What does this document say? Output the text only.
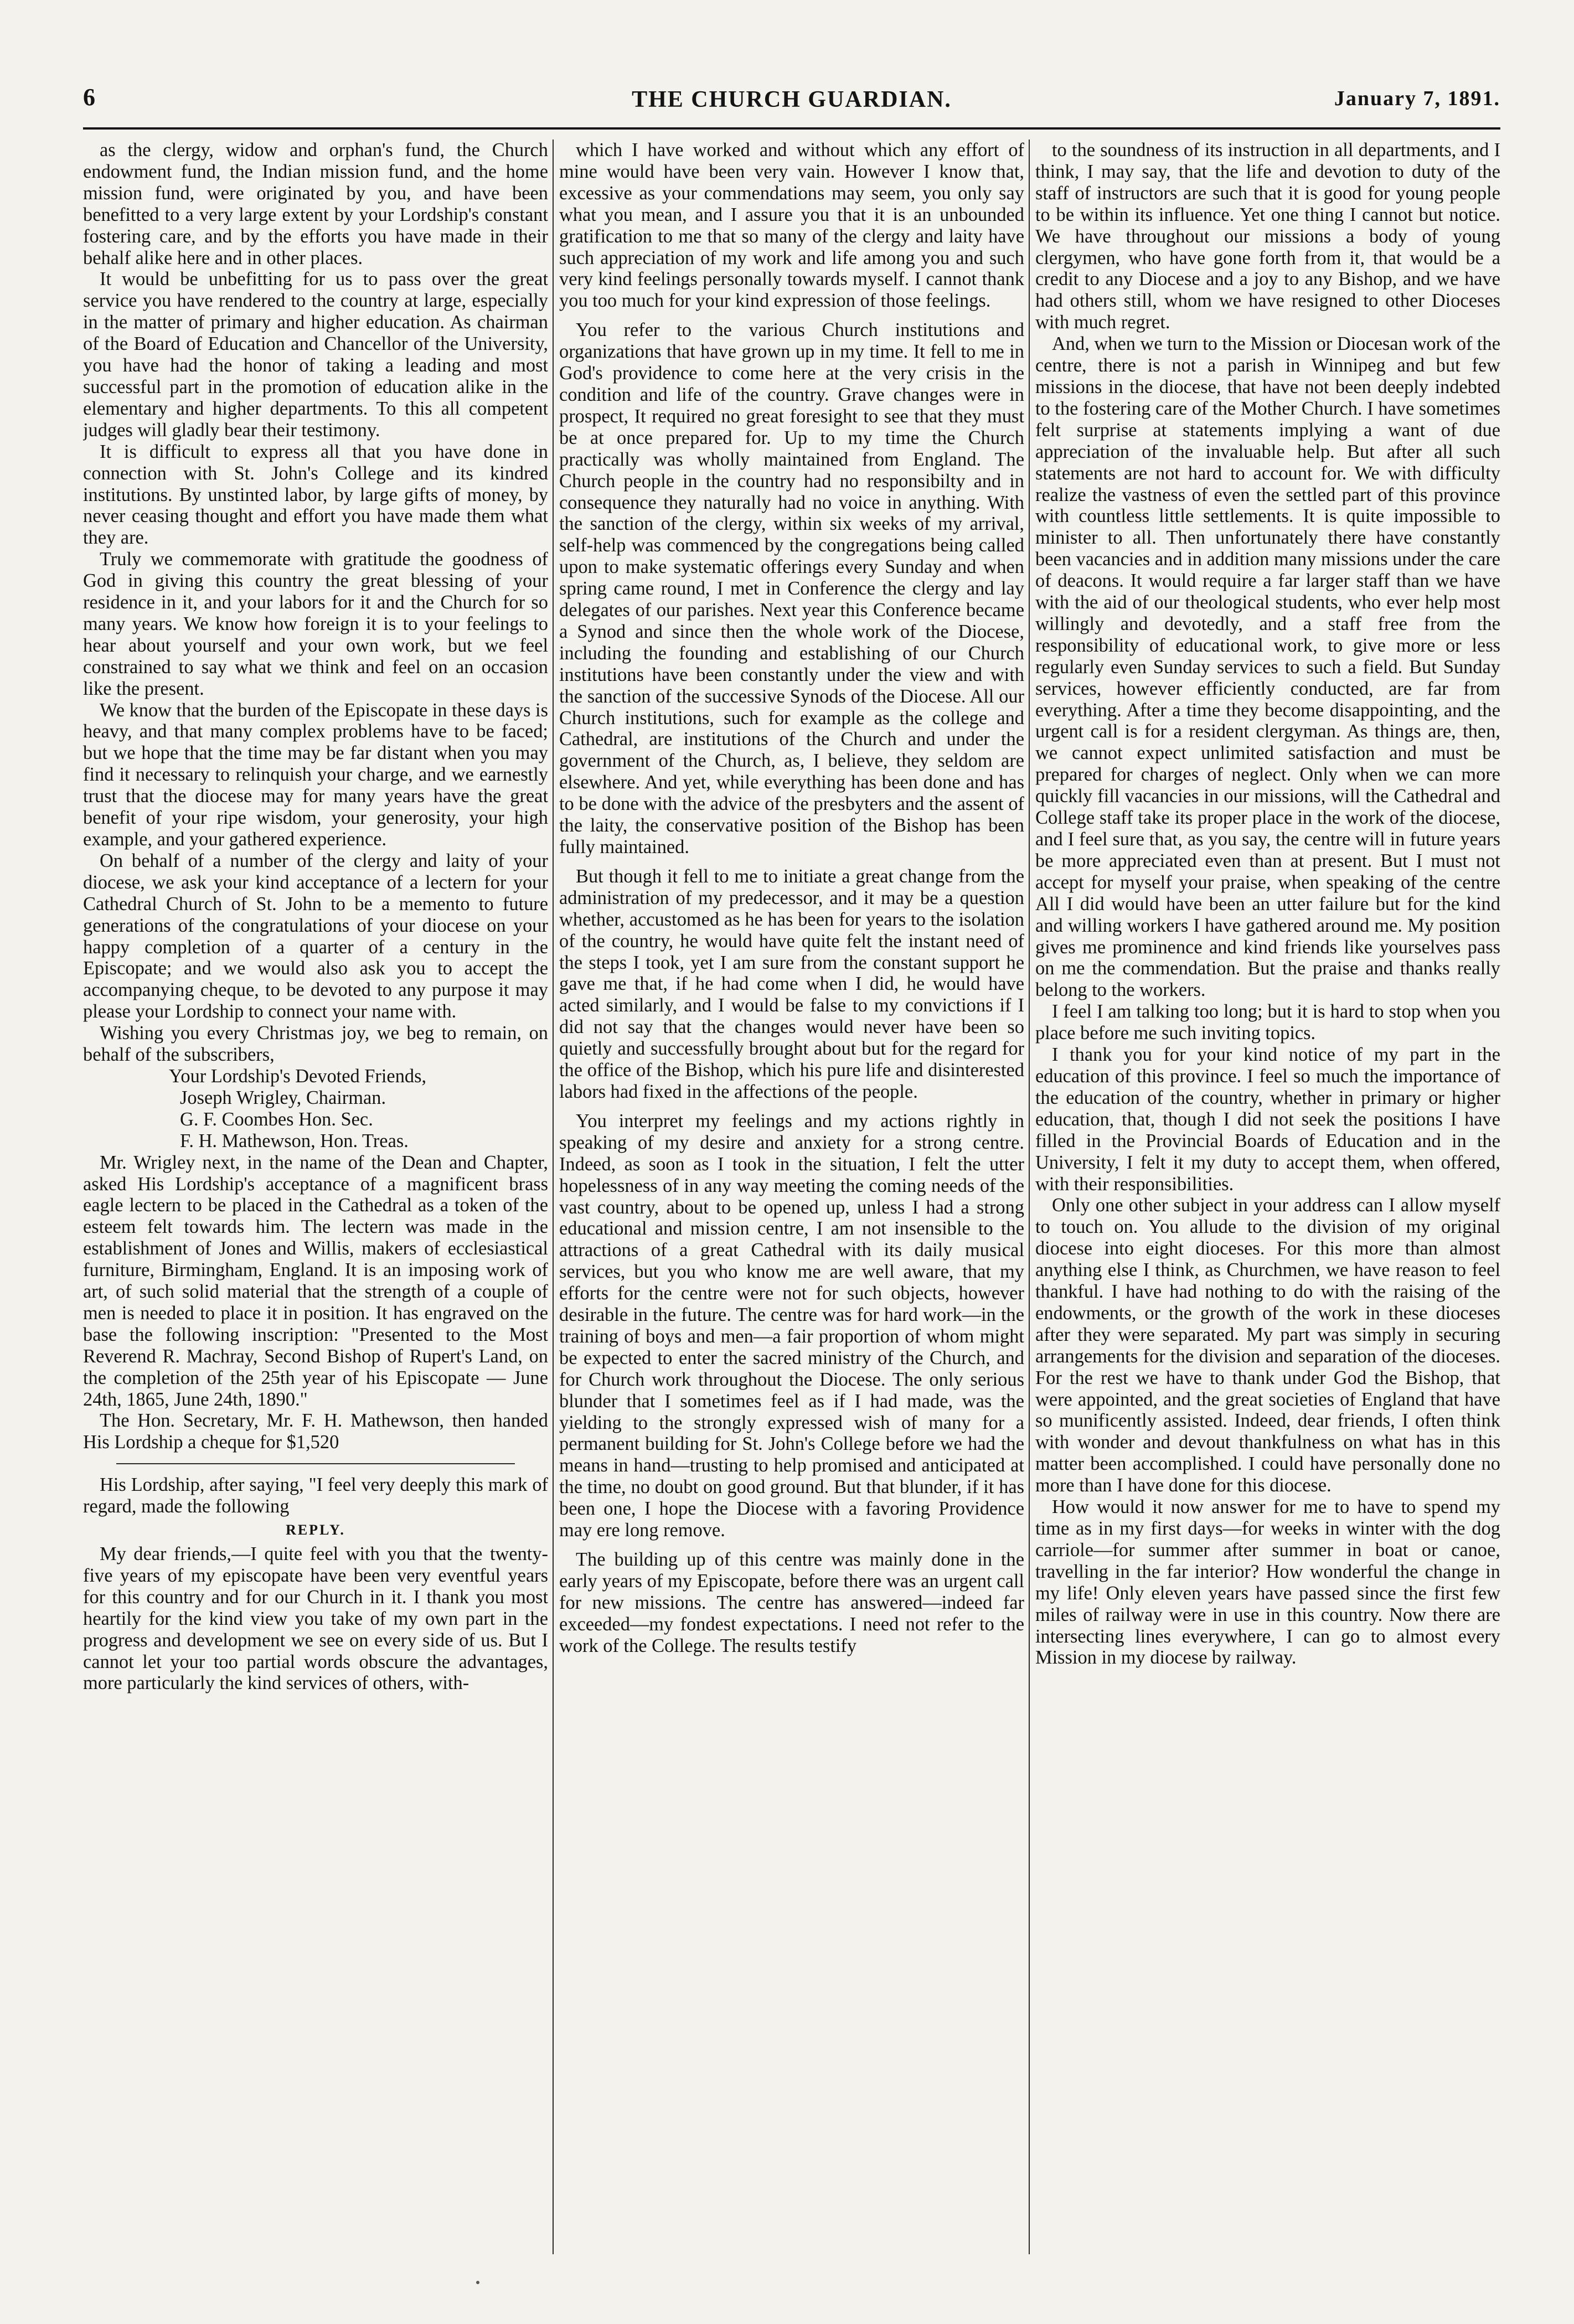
6	THE CHURCH GUARDIAN.	January 7, 1891.

as the clergy, widow and orphan's fund, the Church endowment fund, the Indian mission fund, and the home mission fund, were originated by you, and have been benefitted to a very large extent by your Lordship's constant fostering care, and by the efforts you have made in their behalf alike here and in other places.

It would be unbefitting for us to pass over the great service you have rendered to the country at large, especially in the matter of primary and higher education. As chairman of the Board of Education and Chancellor of the University, you have had the honor of taking a leading and most successful part in the promotion of education alike in the elementary and higher departments. To this all competent judges will gladly bear their testimony.

It is difficult to express all that you have done in connection with St. John's College and its kindred institutions. By unstinted labor, by large gifts of money, by never ceasing thought and effort you have made them what they are.

Truly we commemorate with gratitude the goodness of God in giving this country the great blessing of your residence in it, and your labors for it and the Church for so many years. We know how foreign it is to your feelings to hear about yourself and your own work, but we feel constrained to say what we think and feel on an occasion like the present.

We know that the burden of the Episcopate in these days is heavy, and that many complex problems have to be faced; but we hope that the time may be far distant when you may find it necessary to relinquish your charge, and we earnestly trust that the diocese may for many years have the great benefit of your ripe wisdom, your generosity, your high example, and your gathered experience.

On behalf of a number of the clergy and laity of your diocese, we ask your kind acceptance of a lectern for your Cathedral Church of St. John to be a memento to future generations of the congratulations of your diocese on your happy completion of a quarter of a century in the Episcopate; and we would also ask you to accept the accompanying cheque, to be devoted to any purpose it may please your Lordship to connect your name with.

Wishing you every Christmas joy, we beg to remain, on behalf of the subscribers,

Your Lordship's Devoted Friends,

Joseph Wrigley, Chairman.

G. F. Coombes Hon. Sec.

F. H. Mathewson, Hon. Treas.

Mr. Wrigley next, in the name of the Dean and Chapter, asked His Lordship's acceptance of a magnificent brass eagle lectern to be placed in the Cathedral as a token of the esteem felt towards him. The lectern was made in the establishment of Jones and Willis, makers of ecclesiastical furniture, Birmingham, England. It is an imposing work of art, of such solid material that the strength of a couple of men is needed to place it in position. It has engraved on the base the following inscription: "Presented to the Most Reverend R. Machray, Second Bishop of Rupert's Land, on the completion of the 25th year of his Episcopate — June 24th, 1865, June 24th, 1890."

The Hon. Secretary, Mr. F. H. Mathewson, then handed His Lordship a cheque for $1,520

His Lordship, after saying, "I feel very deeply this mark of regard, made the following

REPLY.

My dear friends,—I quite feel with you that the twenty-five years of my episcopate have been very eventful years for this country and for our Church in it. I thank you most heartily for the kind view you take of my own part in the progress and development we see on every side of us. But I cannot let your too partial words obscure the advantages, more particularly the kind services of others, with-

which I have worked and without which any effort of mine would have been very vain. However I know that, excessive as your commendations may seem, you only say what you mean, and I assure you that it is an unbounded gratification to me that so many of the clergy and laity have such appreciation of my work and life among you and such very kind feelings personally towards myself. I cannot thank you too much for your kind expression of those feelings.

You refer to the various Church institutions and organizations that have grown up in my time. It fell to me in God's providence to come here at the very crisis in the condition and life of the country. Grave changes were in prospect, It required no great foresight to see that they must be at once prepared for. Up to my time the Church practically was wholly maintained from England. The Church people in the country had no responsibilty and in consequence they naturally had no voice in anything. With the sanction of the clergy, within six weeks of my arrival, self-help was commenced by the congregations being called upon to make systematic offerings every Sunday and when spring came round, I met in Conference the clergy and lay delegates of our parishes. Next year this Conference became a Synod and since then the whole work of the Diocese, including the founding and establishing of our Church institutions have been constantly under the view and with the sanction of the successive Synods of the Diocese. All our Church institutions, such for example as the college and Cathedral, are institutions of the Church and under the government of the Church, as, I believe, they seldom are elsewhere. And yet, while everything has been done and has to be done with the advice of the presbyters and the assent of the laity, the conservative position of the Bishop has been fully maintained.

But though it fell to me to initiate a great change from the administration of my predecessor, and it may be a question whether, accustomed as he has been for years to the isolation of the country, he would have quite felt the instant need of the steps I took, yet I am sure from the constant support he gave me that, if he had come when I did, he would have acted similarly, and I would be false to my convictions if I did not say that the changes would never have been so quietly and successfully brought about but for the regard for the office of the Bishop, which his pure life and disinterested labors had fixed in the affections of the people.

You interpret my feelings and my actions rightly in speaking of my desire and anxiety for a strong centre. Indeed, as soon as I took in the situation, I felt the utter hopelessness of in any way meeting the coming needs of the vast country, about to be opened up, unless I had a strong educational and mission centre, I am not insensible to the attractions of a great Cathedral with its daily musical services, but you who know me are well aware, that my efforts for the centre were not for such objects, however desirable in the future. The centre was for hard work—in the training of boys and men—a fair proportion of whom might be expected to enter the sacred ministry of the Church, and for Church work throughout the Diocese. The only serious blunder that I sometimes feel as if I had made, was the yielding to the strongly expressed wish of many for a permanent building for St. John's College before we had the means in hand—trusting to help promised and anticipated at the time, no doubt on good ground. But that blunder, if it has been one, I hope the Diocese with a favoring Providence may ere long remove.

The building up of this centre was mainly done in the early years of my Episcopate, before there was an urgent call for new missions. The centre has answered—indeed far exceeded—my fondest expectations. I need not refer to the work of the College. The results testify

to the soundness of its instruction in all departments, and I think, I may say, that the life and devotion to duty of the staff of instructors are such that it is good for young people to be within its influence. Yet one thing I cannot but notice. We have throughout our missions a body of young clergymen, who have gone forth from it, that would be a credit to any Diocese and a joy to any Bishop, and we have had others still, whom we have resigned to other Dioceses with much regret.

And, when we turn to the Mission or Diocesan work of the centre, there is not a parish in Winnipeg and but few missions in the diocese, that have not been deeply indebted to the fostering care of the Mother Church. I have sometimes felt surprise at statements implying a want of due appreciation of the invaluable help. But after all such statements are not hard to account for. We with difficulty realize the vastness of even the settled part of this province with countless little settlements. It is quite impossible to minister to all. Then unfortunately there have constantly been vacancies and in addition many missions under the care of deacons. It would require a far larger staff than we have with the aid of our theological students, who ever help most willingly and devotedly, and a staff free from the responsibility of educational work, to give more or less regularly even Sunday services to such a field. But Sunday services, however efficiently conducted, are far from everything. After a time they become disappointing, and the urgent call is for a resident clergyman. As things are, then, we cannot expect unlimited satisfaction and must be prepared for charges of neglect. Only when we can more quickly fill vacancies in our missions, will the Cathedral and College staff take its proper place in the work of the diocese, and I feel sure that, as you say, the centre will in future years be more appreciated even than at present. But I must not accept for myself your praise, when speaking of the centre All I did would have been an utter failure but for the kind and willing workers I have gathered around me. My position gives me prominence and kind friends like yourselves pass on me the commendation. But the praise and thanks really belong to the workers.

I feel I am talking too long; but it is hard to stop when you place before me such inviting topics.

I thank you for your kind notice of my part in the education of this province. I feel so much the importance of the education of the country, whether in primary or higher education, that, though I did not seek the positions I have filled in the Provincial Boards of Education and in the University, I felt it my duty to accept them, when offered, with their responsibilities.

Only one other subject in your address can I allow myself to touch on. You allude to the division of my original diocese into eight dioceses. For this more than almost anything else I think, as Churchmen, we have reason to feel thankful. I have had nothing to do with the raising of the endowments, or the growth of the work in these dioceses after they were separated. My part was simply in securing arrangements for the division and separation of the dioceses. For the rest we have to thank under God the Bishop, that were appointed, and the great societies of England that have so munificently assisted. Indeed, dear friends, I often think with wonder and devout thankfulness on what has in this matter been accomplished. I could have personally done no more than I have done for this diocese.

How would it now answer for me to have to spend my time as in my first days—for weeks in winter with the dog carriole—for summer after summer in boat or canoe, travelling in the far interior? How wonderful the change in my life! Only eleven years have passed since the first few miles of railway were in use in this country. Now there are intersecting lines everywhere, I can go to almost every Mission in my diocese by railway.
